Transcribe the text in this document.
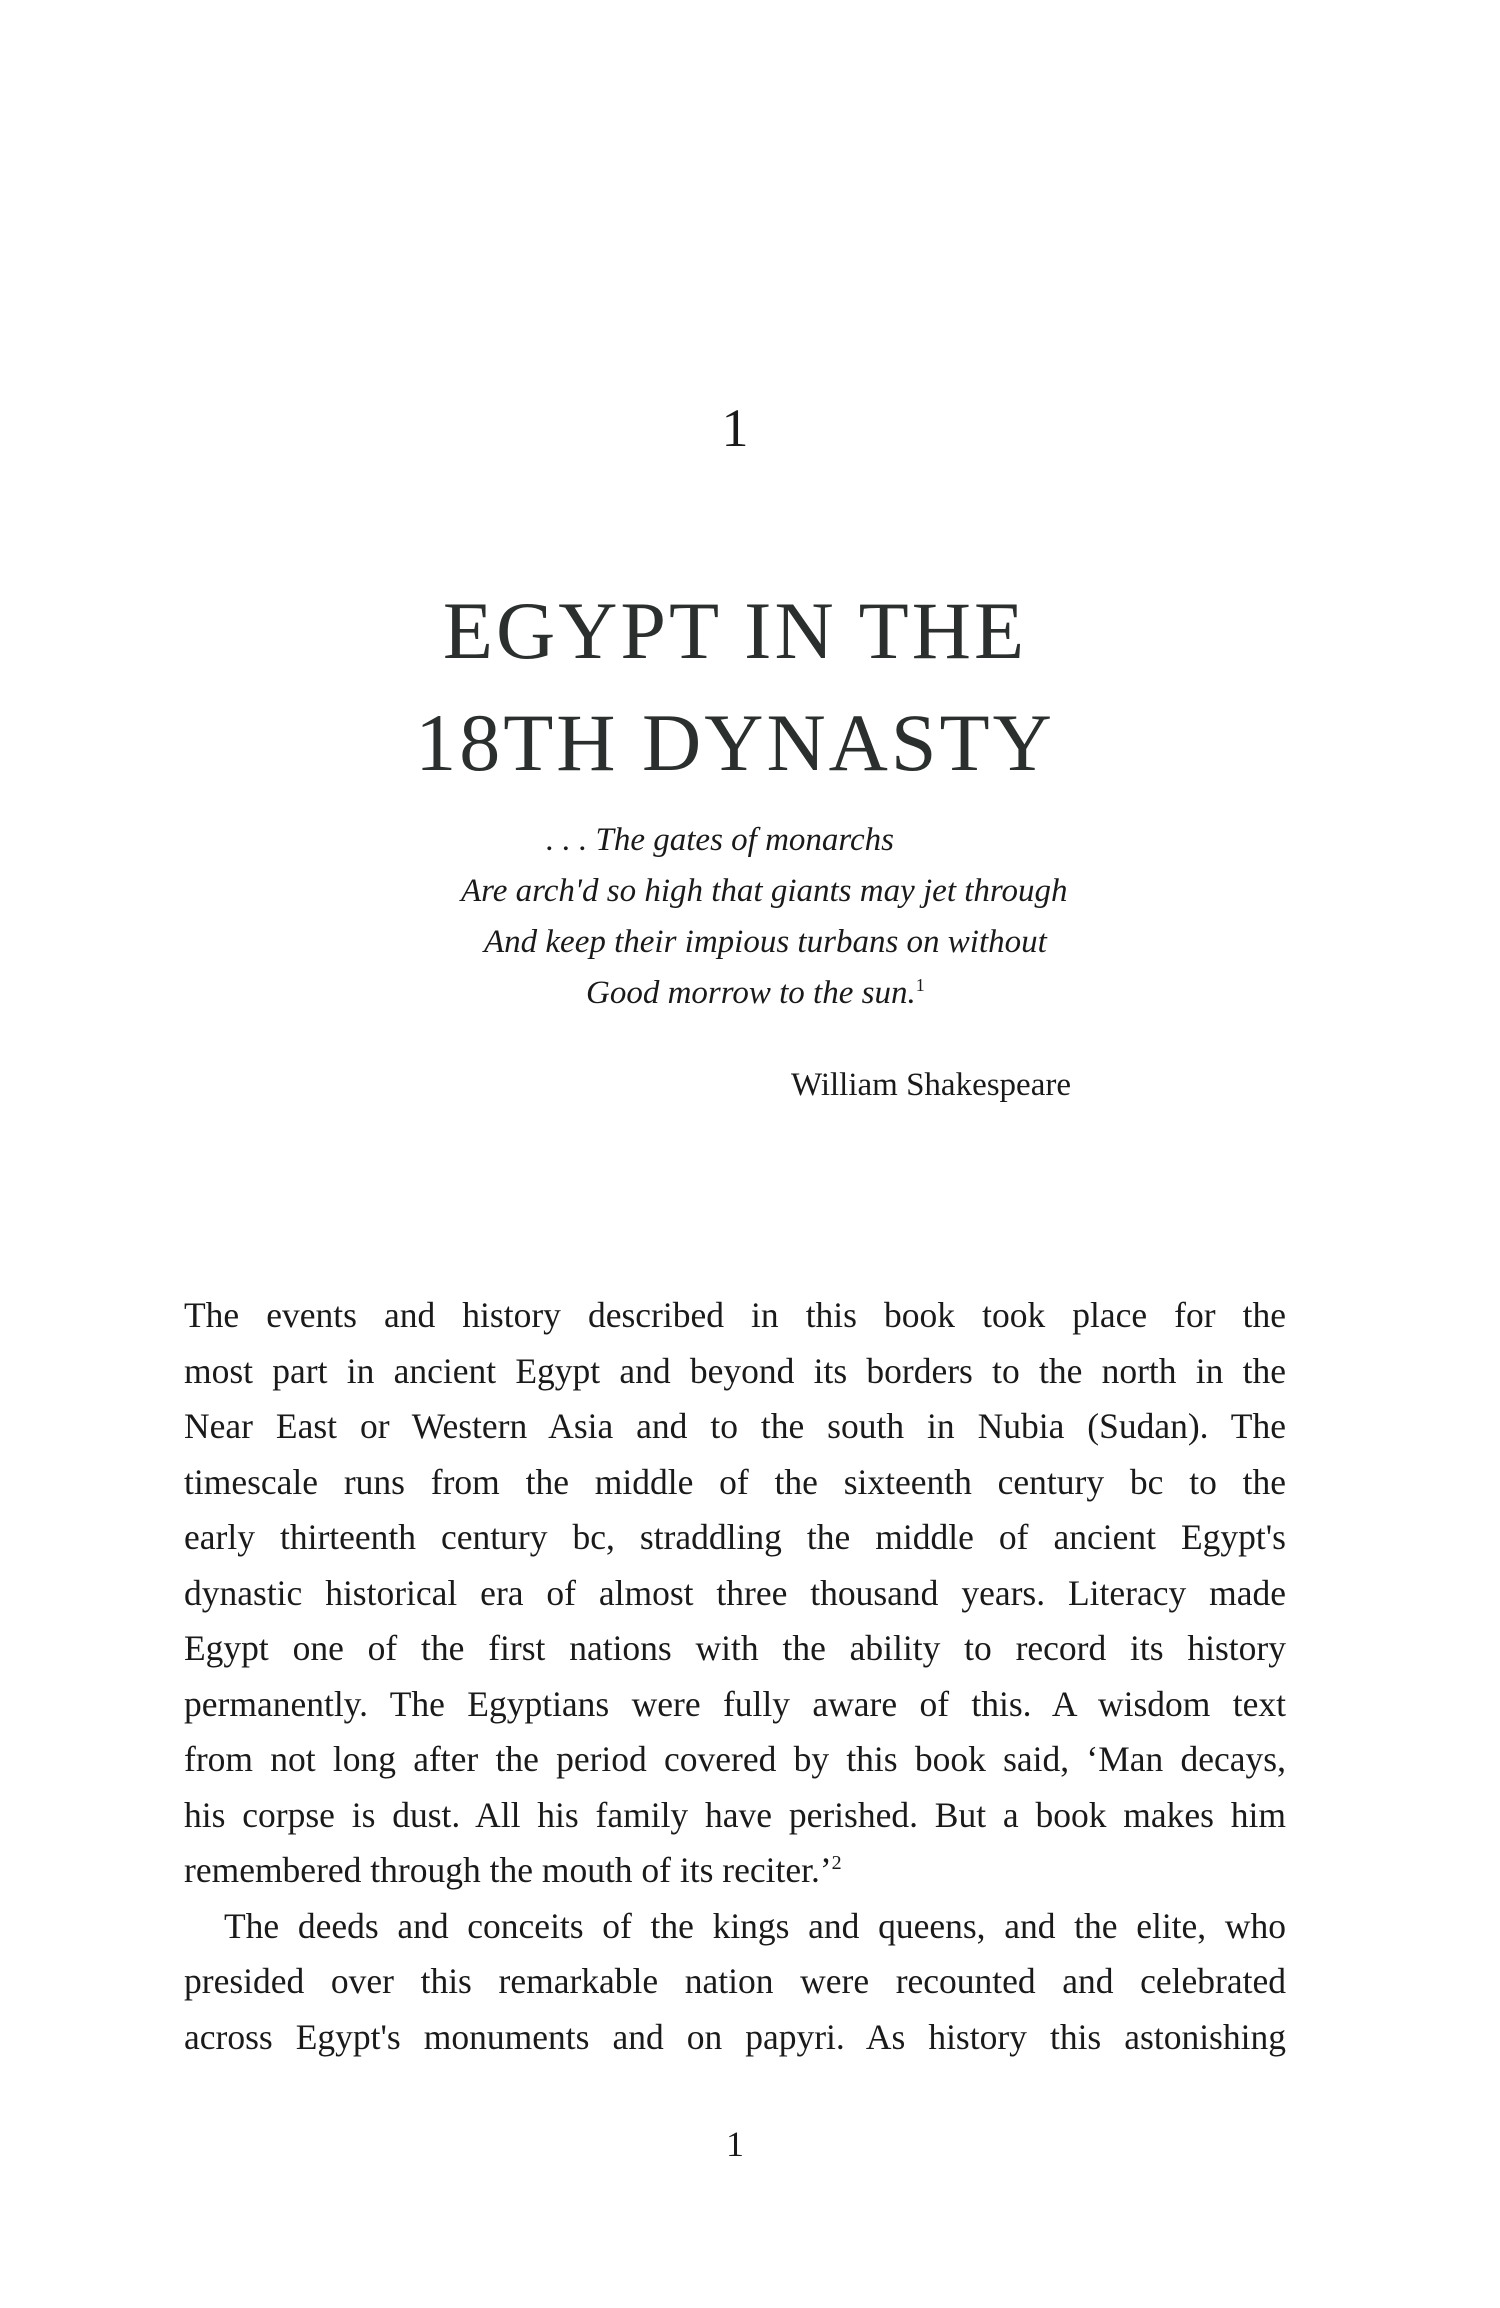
1
EGYPT IN THE
18TH DYNASTY
. . . The gates of monarchs
Are arch'd so high that giants may jet through
And keep their impious turbans on without
Good morrow to the sun.$^1$
William Shakespeare
The events and history described in this book took place for the
most part in ancient Egypt and beyond its borders to the north in the
Near East or Western Asia and to the south in Nubia (Sudan). The
timescale runs from the middle of the sixteenth century bc to the
early thirteenth century bc, straddling the middle of ancient Egypt's
dynastic historical era of almost three thousand years. Literacy made
Egypt one of the first nations with the ability to record its history
permanently. The Egyptians were fully aware of this. A wisdom text
from not long after the period covered by this book said, ‘Man decays,
his corpse is dust. All his family have perished. But a book makes him
remembered through the mouth of its reciter.’$^2$
The deeds and conceits of the kings and queens, and the elite, who
presided over this remarkable nation were recounted and celebrated
across Egypt's monuments and on papyri. As history this astonishing
1
